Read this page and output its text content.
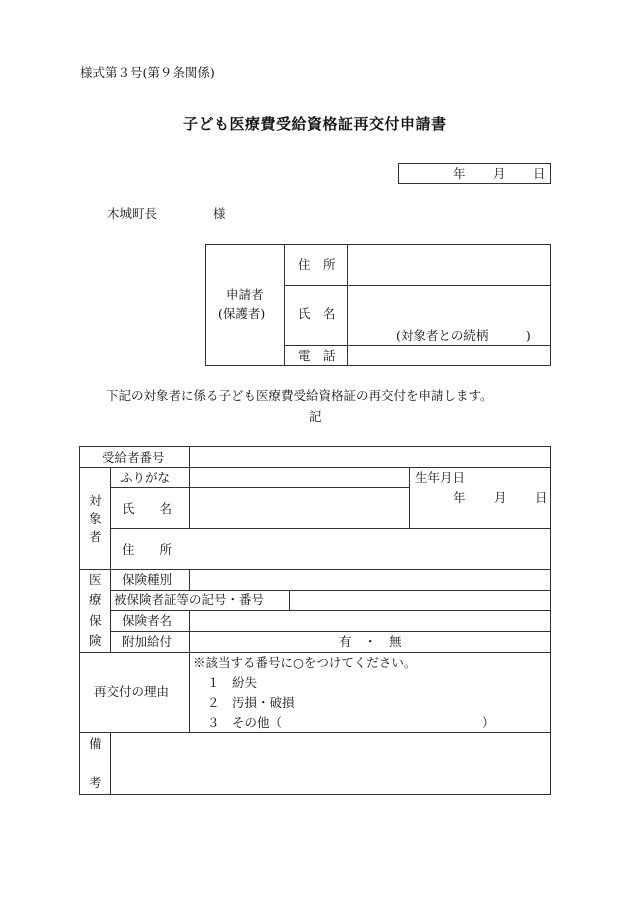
様式第３号(第９条関係)
子ども医療費受給資格証再交付申請書
年 月 日
木城町長	様
申請者
(保護者)
住　所
氏　名
電　話
(対象者との続柄　　　)
下記の対象者に係る子ども医療費受給資格証の再交付を申請します。
記
受給者番号
対
象
者
ふりがな
氏　　名
生年月日
年 月 日
住　　所
医
療
保
険
保険種別
被保険者証等の記号・番号
保険者名
附加給付	有　・　無
再交付の理由
※該当する番号に○をつけてください。
１　紛失
２　汚損・破損
３　その他（　　　　　　　　　　　　　　　　）
備
考
